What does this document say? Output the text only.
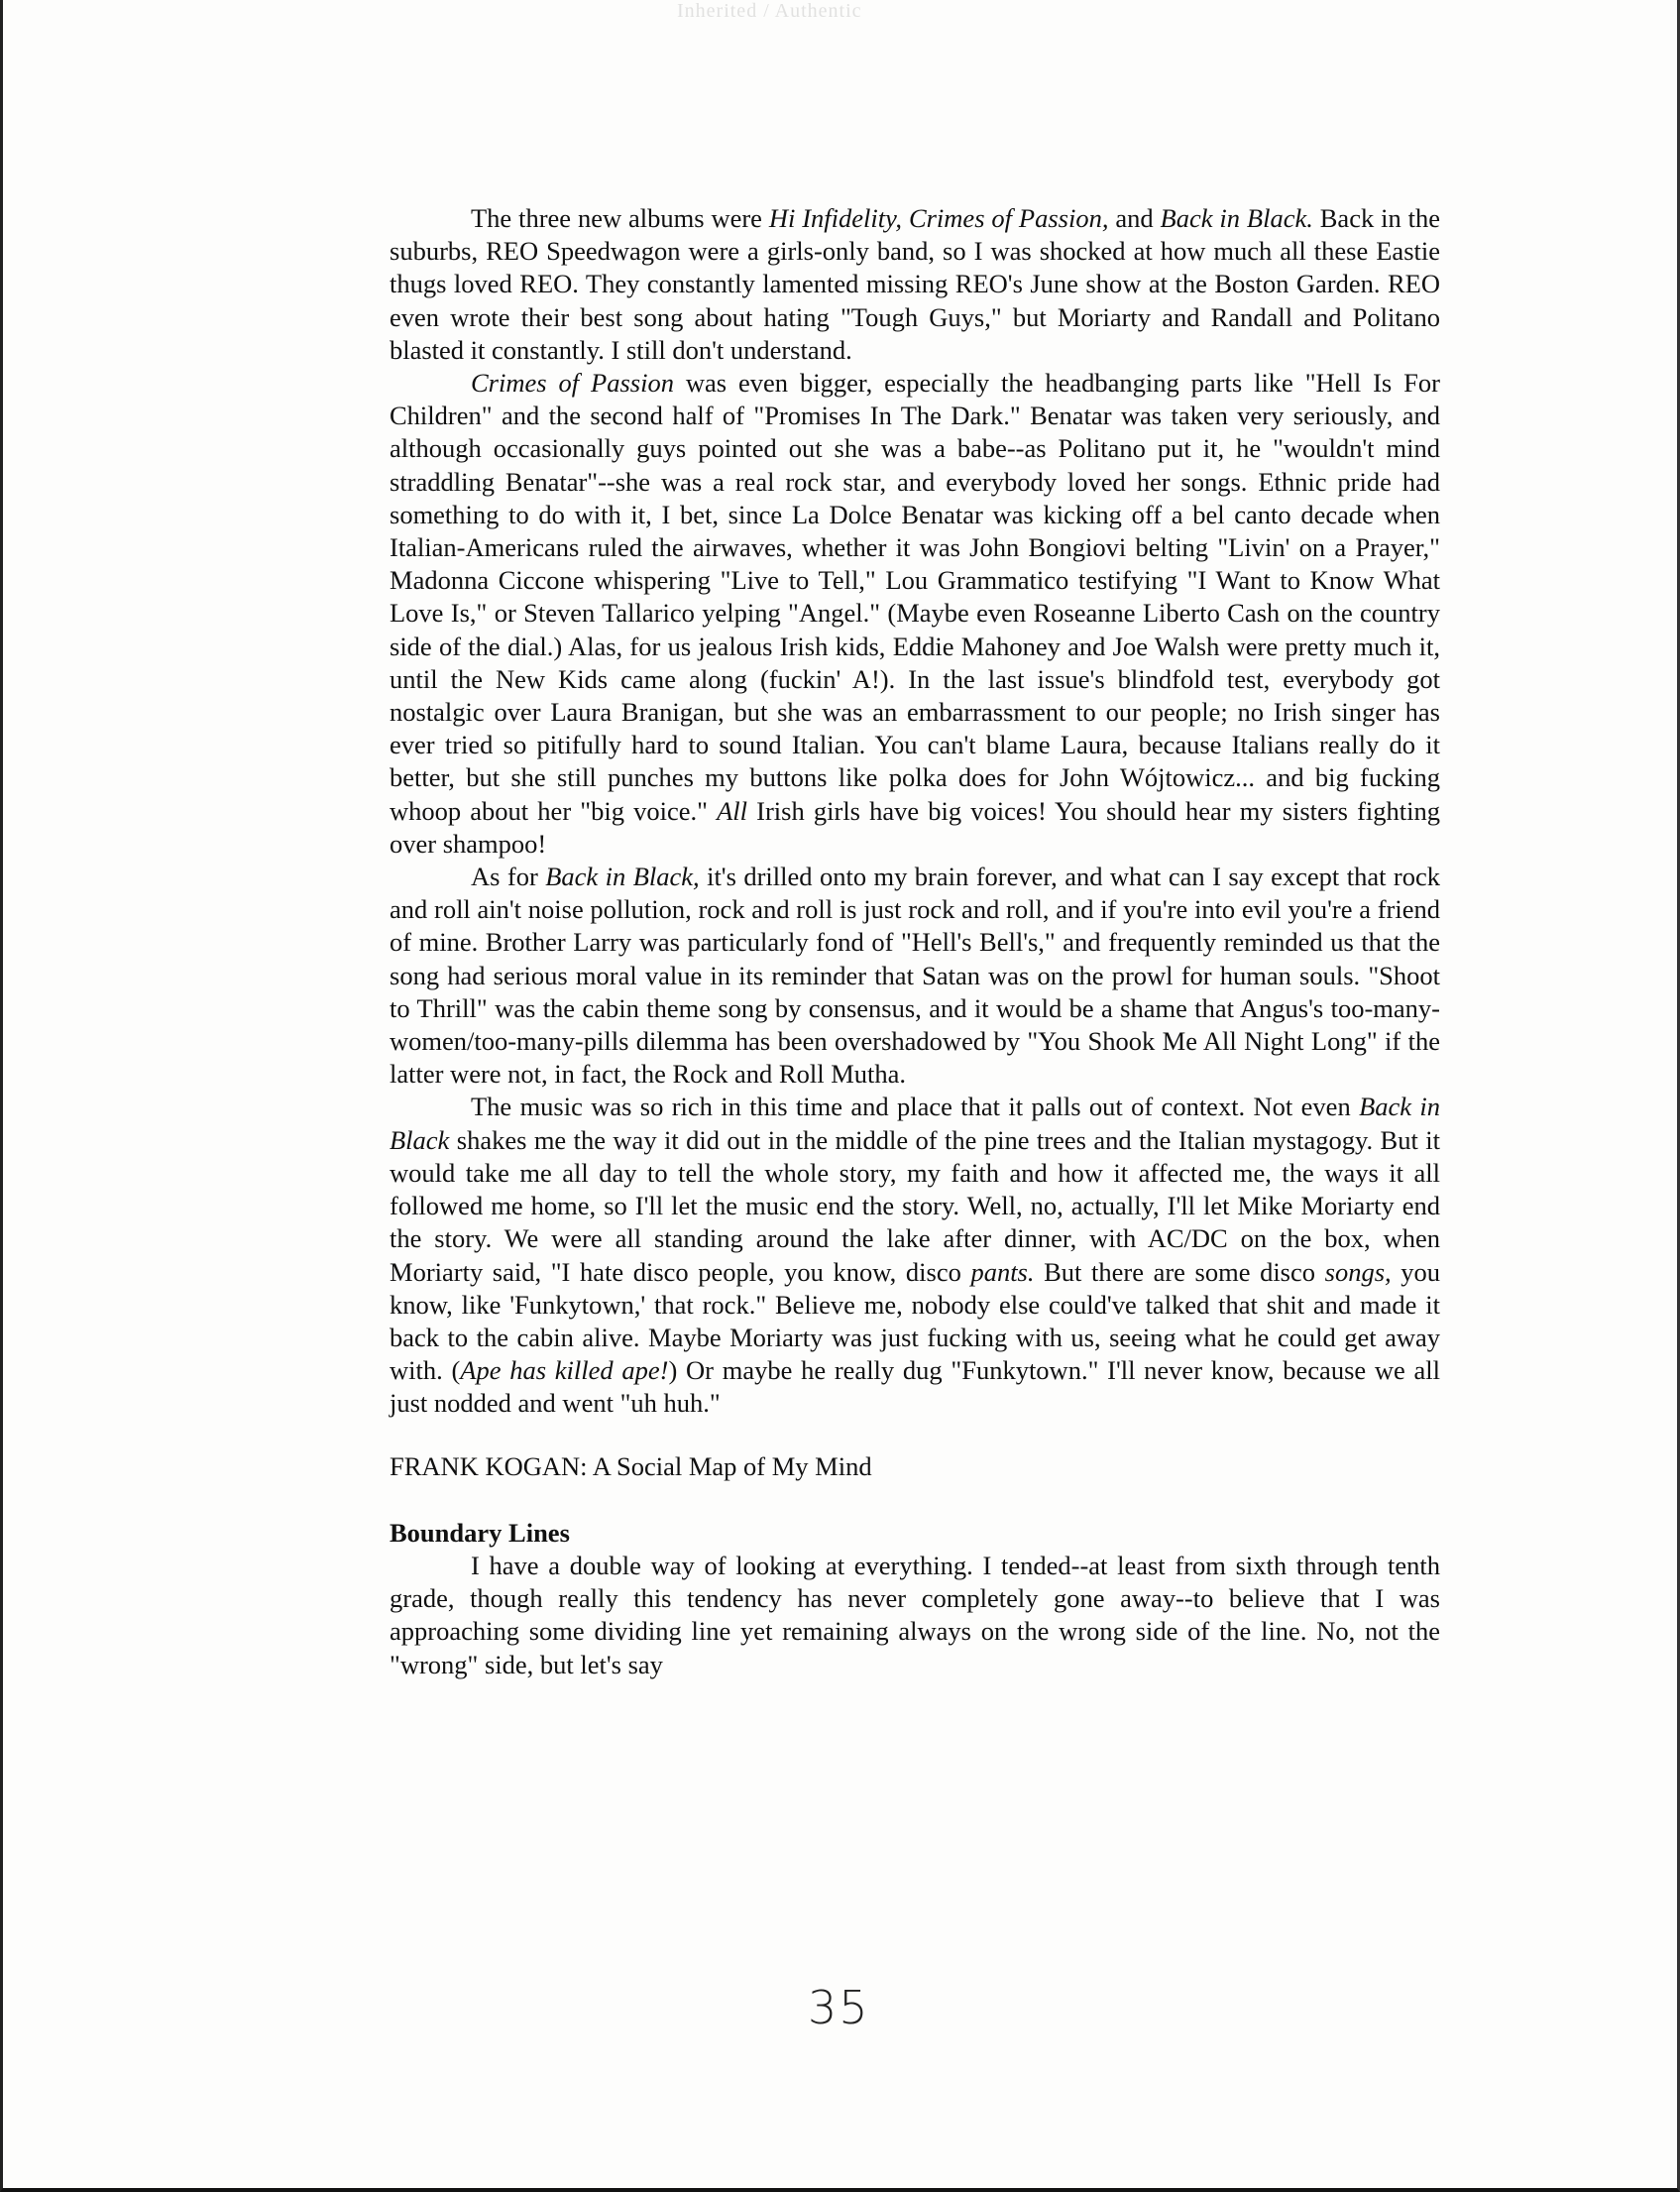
Inherited / Authentic

The three new albums were Hi Infidelity, Crimes of Passion, and Back in Black. Back in the suburbs, REO Speedwagon were a girls-only band, so I was shocked at how much all these Eastie thugs loved REO. They constantly lamented missing REO's June show at the Boston Garden. REO even wrote their best song about hating "Tough Guys," but Moriarty and Randall and Politano blasted it constantly. I still don't understand.

Crimes of Passion was even bigger, especially the headbanging parts like "Hell Is For Children" and the second half of "Promises In The Dark." Benatar was taken very seriously, and although occasionally guys pointed out she was a babe--as Politano put it, he "wouldn't mind straddling Benatar"--she was a real rock star, and everybody loved her songs. Ethnic pride had something to do with it, I bet, since La Dolce Benatar was kicking off a bel canto decade when Italian-Americans ruled the airwaves, whether it was John Bongiovi belting "Livin' on a Prayer," Madonna Ciccone whispering "Live to Tell," Lou Grammatico testifying "I Want to Know What Love Is," or Steven Tallarico yelping "Angel." (Maybe even Roseanne Liberto Cash on the country side of the dial.) Alas, for us jealous Irish kids, Eddie Mahoney and Joe Walsh were pretty much it, until the New Kids came along (fuckin' A!). In the last issue's blindfold test, everybody got nostalgic over Laura Branigan, but she was an embarrassment to our people; no Irish singer has ever tried so pitifully hard to sound Italian. You can't blame Laura, because Italians really do it better, but she still punches my buttons like polka does for John Wójtowicz... and big fucking whoop about her "big voice." All Irish girls have big voices! You should hear my sisters fighting over shampoo!

As for Back in Black, it's drilled onto my brain forever, and what can I say except that rock and roll ain't noise pollution, rock and roll is just rock and roll, and if you're into evil you're a friend of mine. Brother Larry was particularly fond of "Hell's Bell's," and frequently reminded us that the song had serious moral value in its reminder that Satan was on the prowl for human souls. "Shoot to Thrill" was the cabin theme song by consensus, and it would be a shame that Angus's too-many-women/too-many-pills dilemma has been overshadowed by "You Shook Me All Night Long" if the latter were not, in fact, the Rock and Roll Mutha.

The music was so rich in this time and place that it palls out of context. Not even Back in Black shakes me the way it did out in the middle of the pine trees and the Italian mystagogy. But it would take me all day to tell the whole story, my faith and how it affected me, the ways it all followed me home, so I'll let the music end the story. Well, no, actually, I'll let Mike Moriarty end the story. We were all standing around the lake after dinner, with AC/DC on the box, when Moriarty said, "I hate disco people, you know, disco pants. But there are some disco songs, you know, like 'Funkytown,' that rock." Believe me, nobody else could've talked that shit and made it back to the cabin alive. Maybe Moriarty was just fucking with us, seeing what he could get away with. (Ape has killed ape!) Or maybe he really dug "Funkytown." I'll never know, because we all just nodded and went "uh huh."

FRANK KOGAN: A Social Map of My Mind

Boundary Lines

I have a double way of looking at everything. I tended--at least from sixth through tenth grade, though really this tendency has never completely gone away--to believe that I was approaching some dividing line yet remaining always on the wrong side of the line. No, not the "wrong" side, but let's say

35
